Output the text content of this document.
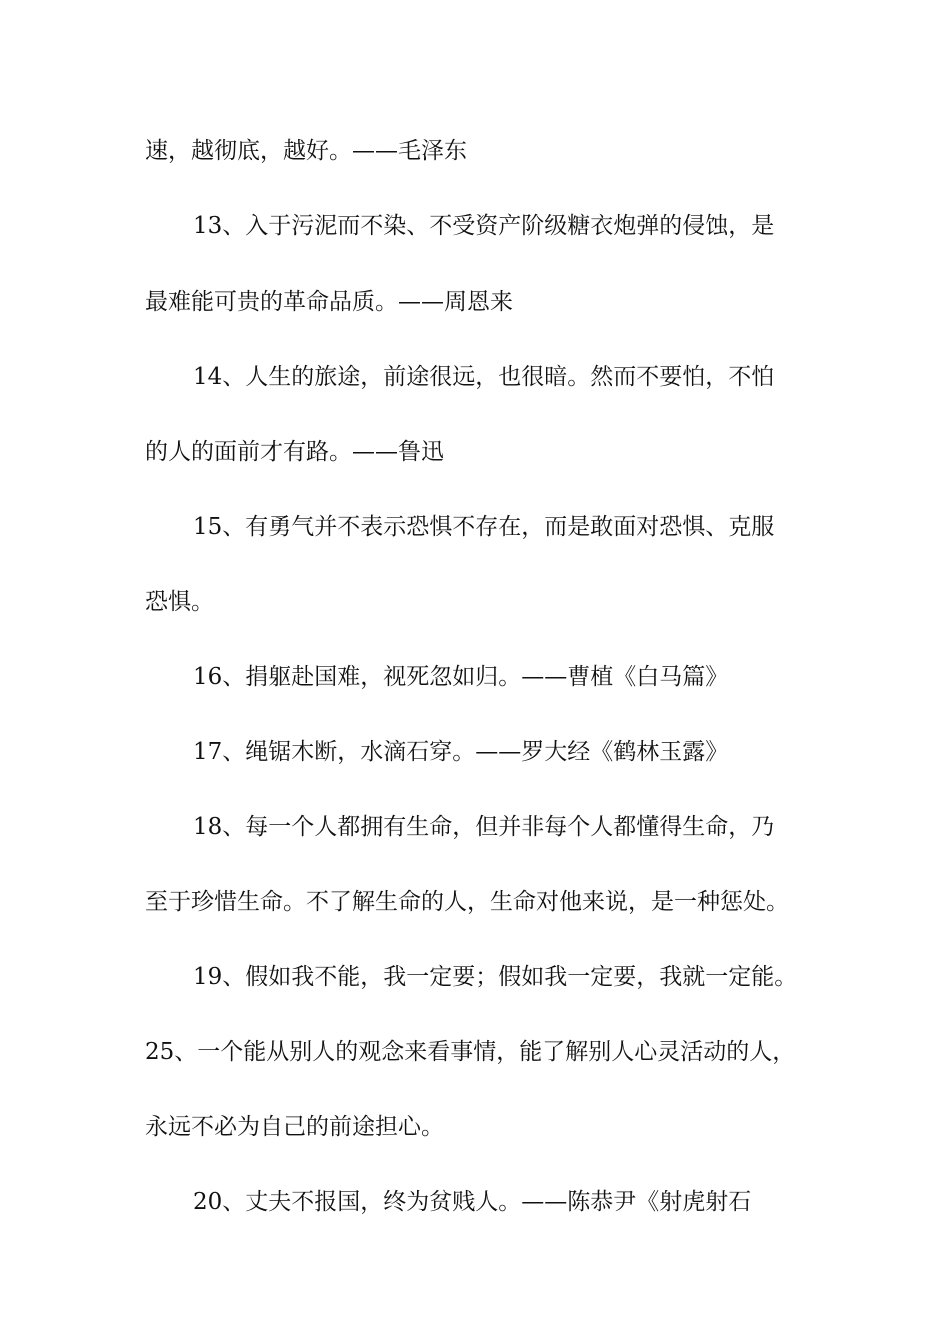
速，越彻底，越好。——毛泽东

13、入于污泥而不染、不受资产阶级糖衣炮弹的侵蚀，是

最难能可贵的革命品质。——周恩来

14、人生的旅途，前途很远，也很暗。然而不要怕，不怕

的人的面前才有路。——鲁迅

15、有勇气并不表示恐惧不存在，而是敢面对恐惧、克服

恐惧。

16、捐躯赴国难，视死忽如归。——曹植《白马篇》

17、绳锯木断，水滴石穿。——罗大经《鹤林玉露》

18、每一个人都拥有生命，但并非每个人都懂得生命，乃

至于珍惜生命。不了解生命的人，生命对他来说，是一种惩处。

19、假如我不能，我一定要；假如我一定要，我就一定能。

25、一个能从别人的观念来看事情，能了解别人心灵活动的人，

永远不必为自己的前途担心。

20、丈夫不报国，终为贫贱人。——陈恭尹《射虎射石
